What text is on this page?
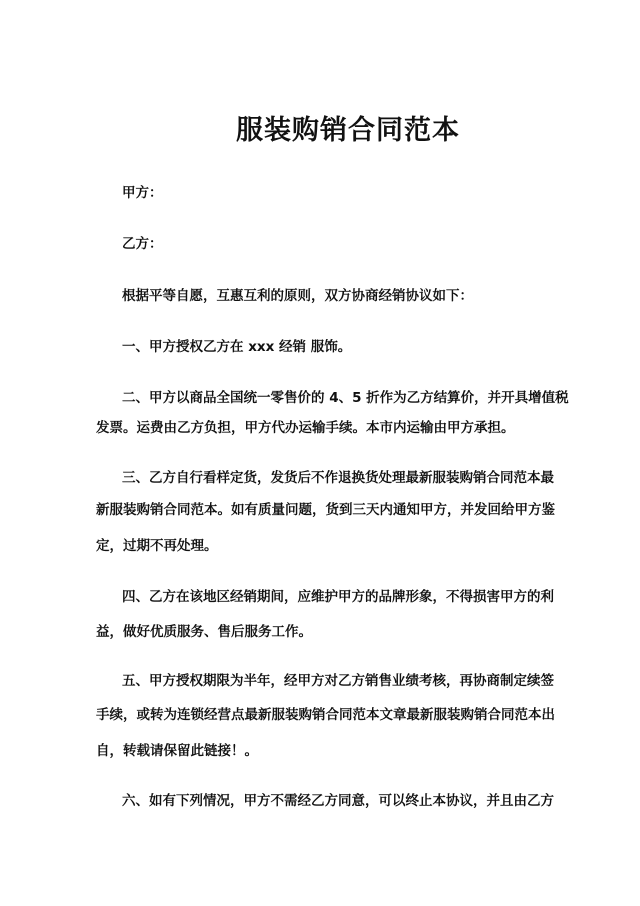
服装购销合同范本
甲方：
乙方：
根据平等自愿，互惠互利的原则，双方协商经销协议如下：
一、甲方授权乙方在 xxx 经销 服饰。
二、甲方以商品全国统一零售价的 4、5 折作为乙方结算价，并开具增值税
发票。运费由乙方负担，甲方代办运输手续。本市内运输由甲方承担。
三、乙方自行看样定货，发货后不作退换货处理最新服装购销合同范本最
新服装购销合同范本。如有质量问题，货到三天内通知甲方，并发回给甲方鉴
定，过期不再处理。
四、乙方在该地区经销期间，应维护甲方的品牌形象，不得损害甲方的利
益，做好优质服务、售后服务工作。
五、甲方授权期限为半年，经甲方对乙方销售业绩考核，再协商制定续签
手续，或转为连锁经营点最新服装购销合同范本文章最新服装购销合同范本出
自，转载请保留此链接！。
六、如有下列情况，甲方不需经乙方同意，可以终止本协议，并且由乙方
